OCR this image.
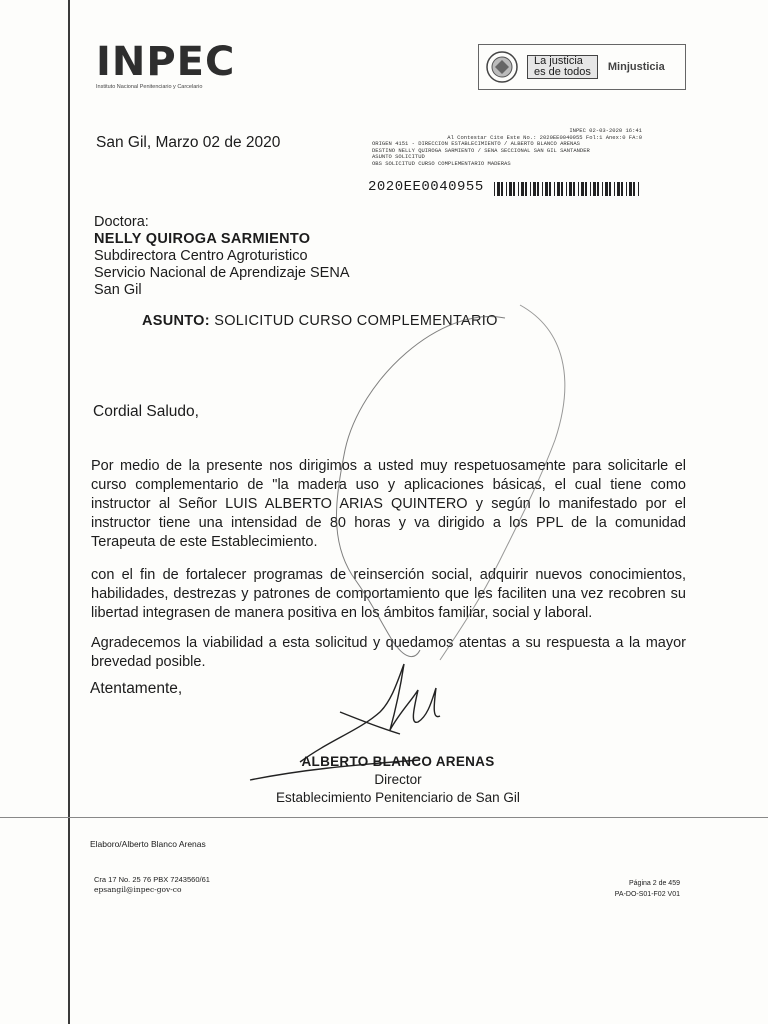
INPEC
Instituto Nacional Penitenciario y Carcelario
La justicia
es de todos Minjusticia
San Gil, Marzo 02 de 2020
INPEC 02-03-2020 16:41
Al Contestar Cite Este No.: 2020EE0040955 Fol:1 Anex:0 FA:0
ORIGEN 4151 - DIRECCION ESTABLECIMIENTO / ALBERTO BLANCO ARENAS
DESTINO NELLY QUIROGA SARMIENTO / SENA SECCIONAL SAN GIL SANTANDER
ASUNTO SOLICITUD
OBS SOLICITUD CURSO COMPLEMENTARIO MADERAS
2020EE0040955
Doctora:
NELLY QUIROGA SARMIENTO
Subdirectora Centro Agroturistico
Servicio Nacional de Aprendizaje SENA
San Gil
ASUNTO: SOLICITUD CURSO COMPLEMENTARIO
Cordial Saludo,
Por medio de la presente nos dirigimos a usted muy respetuosamente para solicitarle el curso complementario de "la madera uso y aplicaciones básicas, el cual tiene como instructor al Señor LUIS ALBERTO ARIAS QUINTERO y según lo manifestado por el instructor tiene una intensidad de 80 horas y va dirigido a los PPL de la comunidad Terapeuta de este Establecimiento.
con el fin de fortalecer programas de reinserción social, adquirir nuevos conocimientos, habilidades, destrezas y patrones de comportamiento que les faciliten una vez recobren su libertad integrasen de manera positiva en los ámbitos familiar, social y laboral.
Agradecemos la viabilidad a esta solicitud y quedamos atentas a su respuesta a la mayor brevedad posible.
Atentamente,
ALBERTO BLANCO ARENAS
Director
Establecimiento Penitenciario de San Gil
Elaboro/Alberto Blanco Arenas
Cra 17 No. 25 76 PBX 7243560/61
epsangil@inpec-gov-co
Página 2 de 459
PA-DO-S01-F02 V01
